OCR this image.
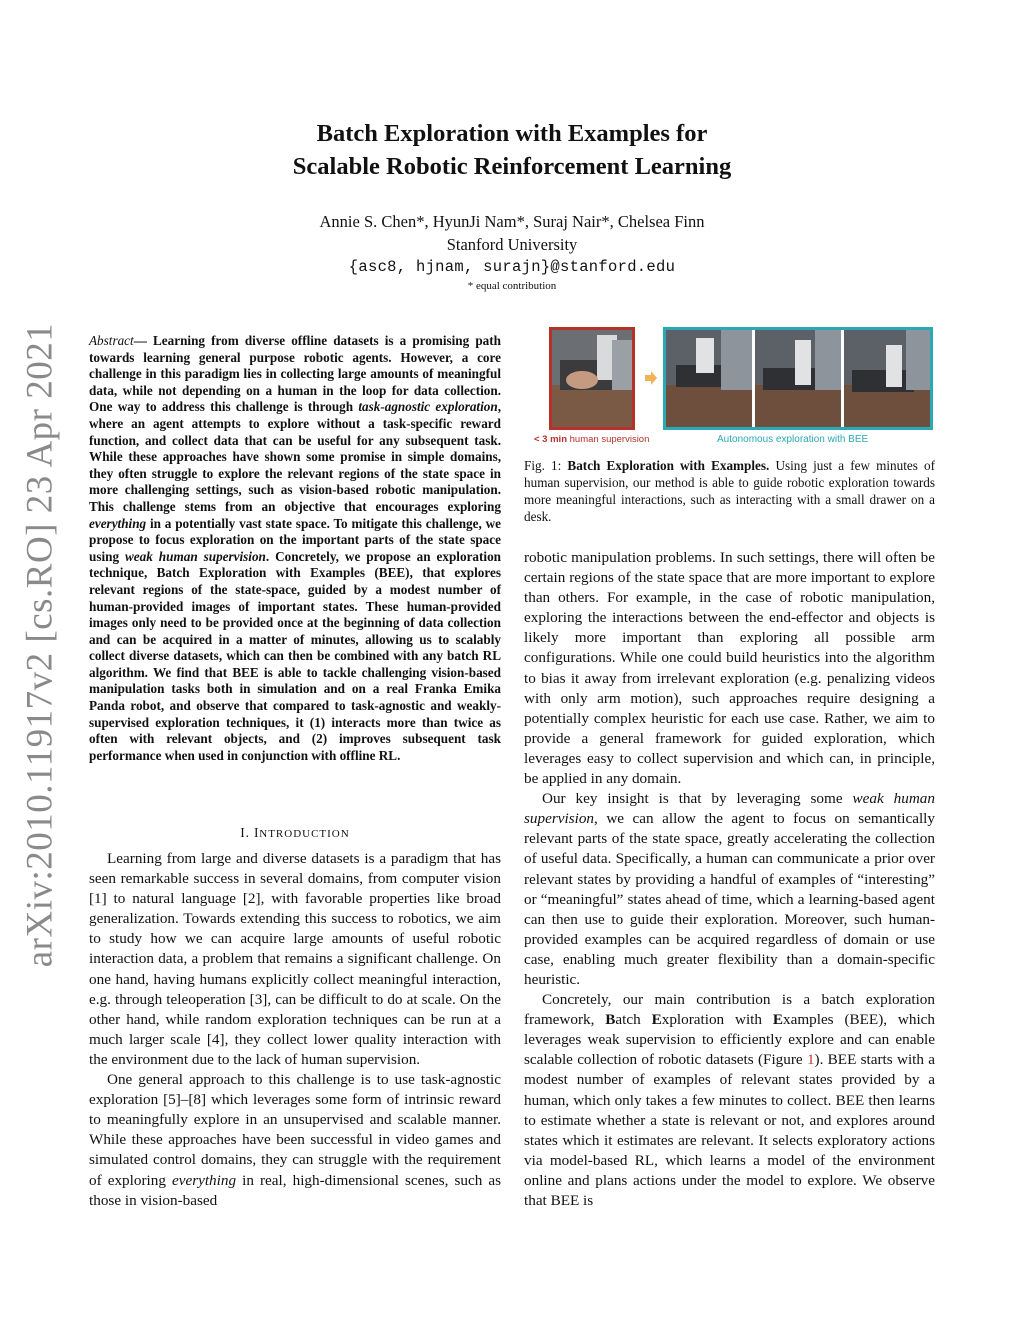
arXiv:2010.11917v2 [cs.RO] 23 Apr 2021
Batch Exploration with Examples for
Scalable Robotic Reinforcement Learning
Annie S. Chen*, HyunJi Nam*, Suraj Nair*, Chelsea Finn
Stanford University
{asc8, hjnam, surajn}@stanford.edu
* equal contribution
Abstract— Learning from diverse offline datasets is a promising path towards learning general purpose robotic agents. However, a core challenge in this paradigm lies in collecting large amounts of meaningful data, while not depending on a human in the loop for data collection. One way to address this challenge is through task-agnostic exploration, where an agent attempts to explore without a task-specific reward function, and collect data that can be useful for any subsequent task. While these approaches have shown some promise in simple domains, they often struggle to explore the relevant regions of the state space in more challenging settings, such as vision-based robotic manipulation. This challenge stems from an objective that encourages exploring everything in a potentially vast state space. To mitigate this challenge, we propose to focus exploration on the important parts of the state space using weak human supervision. Concretely, we propose an exploration technique, Batch Exploration with Examples (BEE), that explores relevant regions of the state-space, guided by a modest number of human-provided images of important states. These human-provided images only need to be provided once at the beginning of data collection and can be acquired in a matter of minutes, allowing us to scalably collect diverse datasets, which can then be combined with any batch RL algorithm. We find that BEE is able to tackle challenging vision-based manipulation tasks both in simulation and on a real Franka Emika Panda robot, and observe that compared to task-agnostic and weakly-supervised exploration techniques, it (1) interacts more than twice as often with relevant objects, and (2) improves subsequent task performance when used in conjunction with offline RL.
I. INTRODUCTION

Learning from large and diverse datasets is a paradigm that has seen remarkable success in several domains, from computer vision [1] to natural language [2], with favorable properties like broad generalization. Towards extending this success to robotics, we aim to study how we can acquire large amounts of useful robotic interaction data, a problem that remains a significant challenge. On one hand, having humans explicitly collect meaningful interaction, e.g. through teleoperation [3], can be difficult to do at scale. On the other hand, while random exploration techniques can be run at a much larger scale [4], they collect lower quality interaction with the environment due to the lack of human supervision.

One general approach to this challenge is to use task-agnostic exploration [5]–[8] which leverages some form of intrinsic reward to meaningfully explore in an unsupervised and scalable manner. While these approaches have been successful in video games and simulated control domains, they can struggle with the requirement of exploring everything in real, high-dimensional scenes, such as those in vision-based

< 3 min human supervision	Autonomous exploration with BEE
Fig. 1: Batch Exploration with Examples. Using just a few minutes of human supervision, our method is able to guide robotic exploration towards more meaningful interactions, such as interacting with a small drawer on a desk.

robotic manipulation problems. In such settings, there will often be certain regions of the state space that are more important to explore than others. For example, in the case of robotic manipulation, exploring the interactions between the end-effector and objects is likely more important than exploring all possible arm configurations. While one could build heuristics into the algorithm to bias it away from irrelevant exploration (e.g. penalizing videos with only arm motion), such approaches require designing a potentially complex heuristic for each use case. Rather, we aim to provide a general framework for guided exploration, which leverages easy to collect supervision and which can, in principle, be applied in any domain.

Our key insight is that by leveraging some weak human supervision, we can allow the agent to focus on semantically relevant parts of the state space, greatly accelerating the collection of useful data. Specifically, a human can communicate a prior over relevant states by providing a handful of examples of “interesting” or “meaningful” states ahead of time, which a learning-based agent can then use to guide their exploration. Moreover, such human-provided examples can be acquired regardless of domain or use case, enabling much greater flexibility than a domain-specific heuristic.

Concretely, our main contribution is a batch exploration framework, Batch Exploration with Examples (BEE), which leverages weak supervision to efficiently explore and can enable scalable collection of robotic datasets (Figure 1). BEE starts with a modest number of examples of relevant states provided by a human, which only takes a few minutes to collect. BEE then learns to estimate whether a state is relevant or not, and explores around states which it estimates are relevant. It selects exploratory actions via model-based RL, which learns a model of the environment online and plans actions under the model to explore. We observe that BEE is
